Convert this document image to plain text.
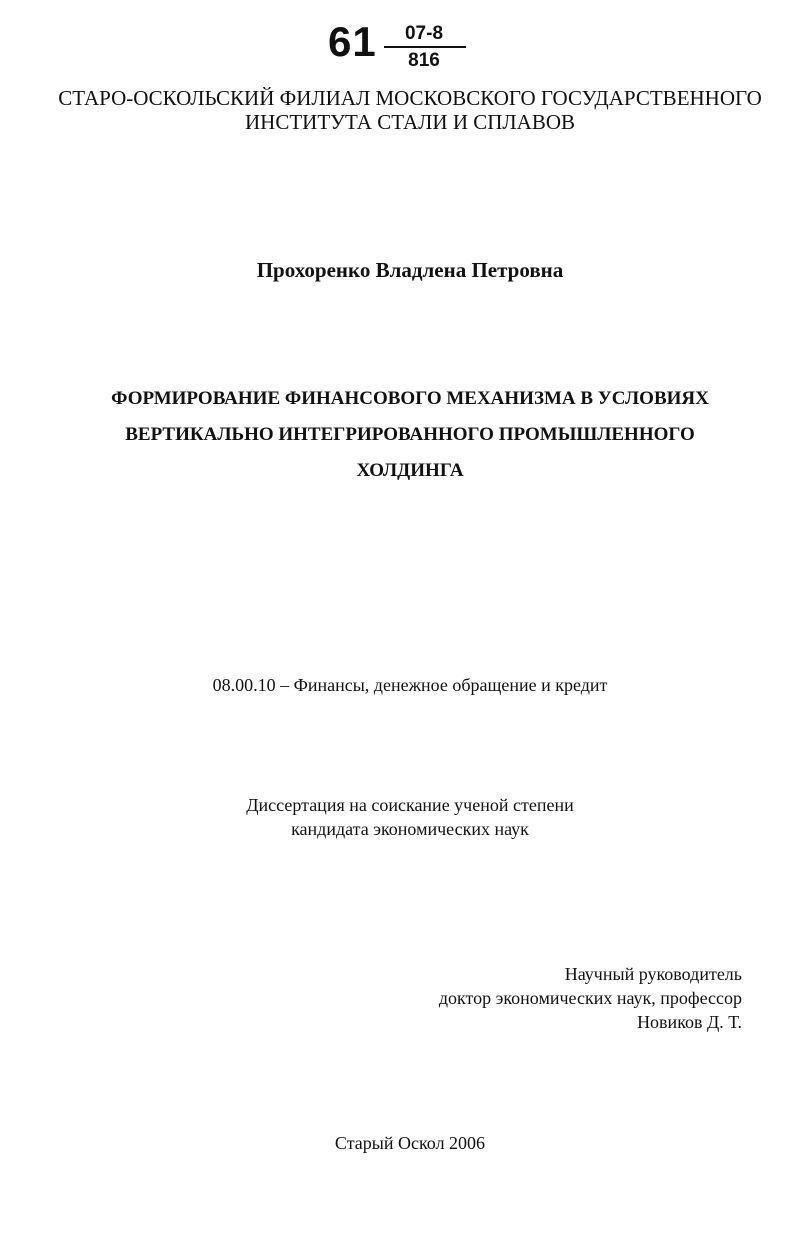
61	07-8
816
СТАРО-ОСКОЛЬСКИЙ ФИЛИАЛ МОСКОВСКОГО ГОСУДАРСТВЕННОГО
ИНСТИТУТА СТАЛИ И СПЛАВОВ
Прохоренко Владлена Петровна
ФОРМИРОВАНИЕ ФИНАНСОВОГО МЕХАНИЗМА В УСЛОВИЯХ
ВЕРТИКАЛЬНО ИНТЕГРИРОВАННОГО ПРОМЫШЛЕННОГО
ХОЛДИНГА
08.00.10 – Финансы, денежное обращение и кредит
Диссертация на соискание ученой степени
кандидата экономических наук
Научный руководитель
доктор экономических наук, профессор
Новиков Д. Т.
Старый Оскол 2006
